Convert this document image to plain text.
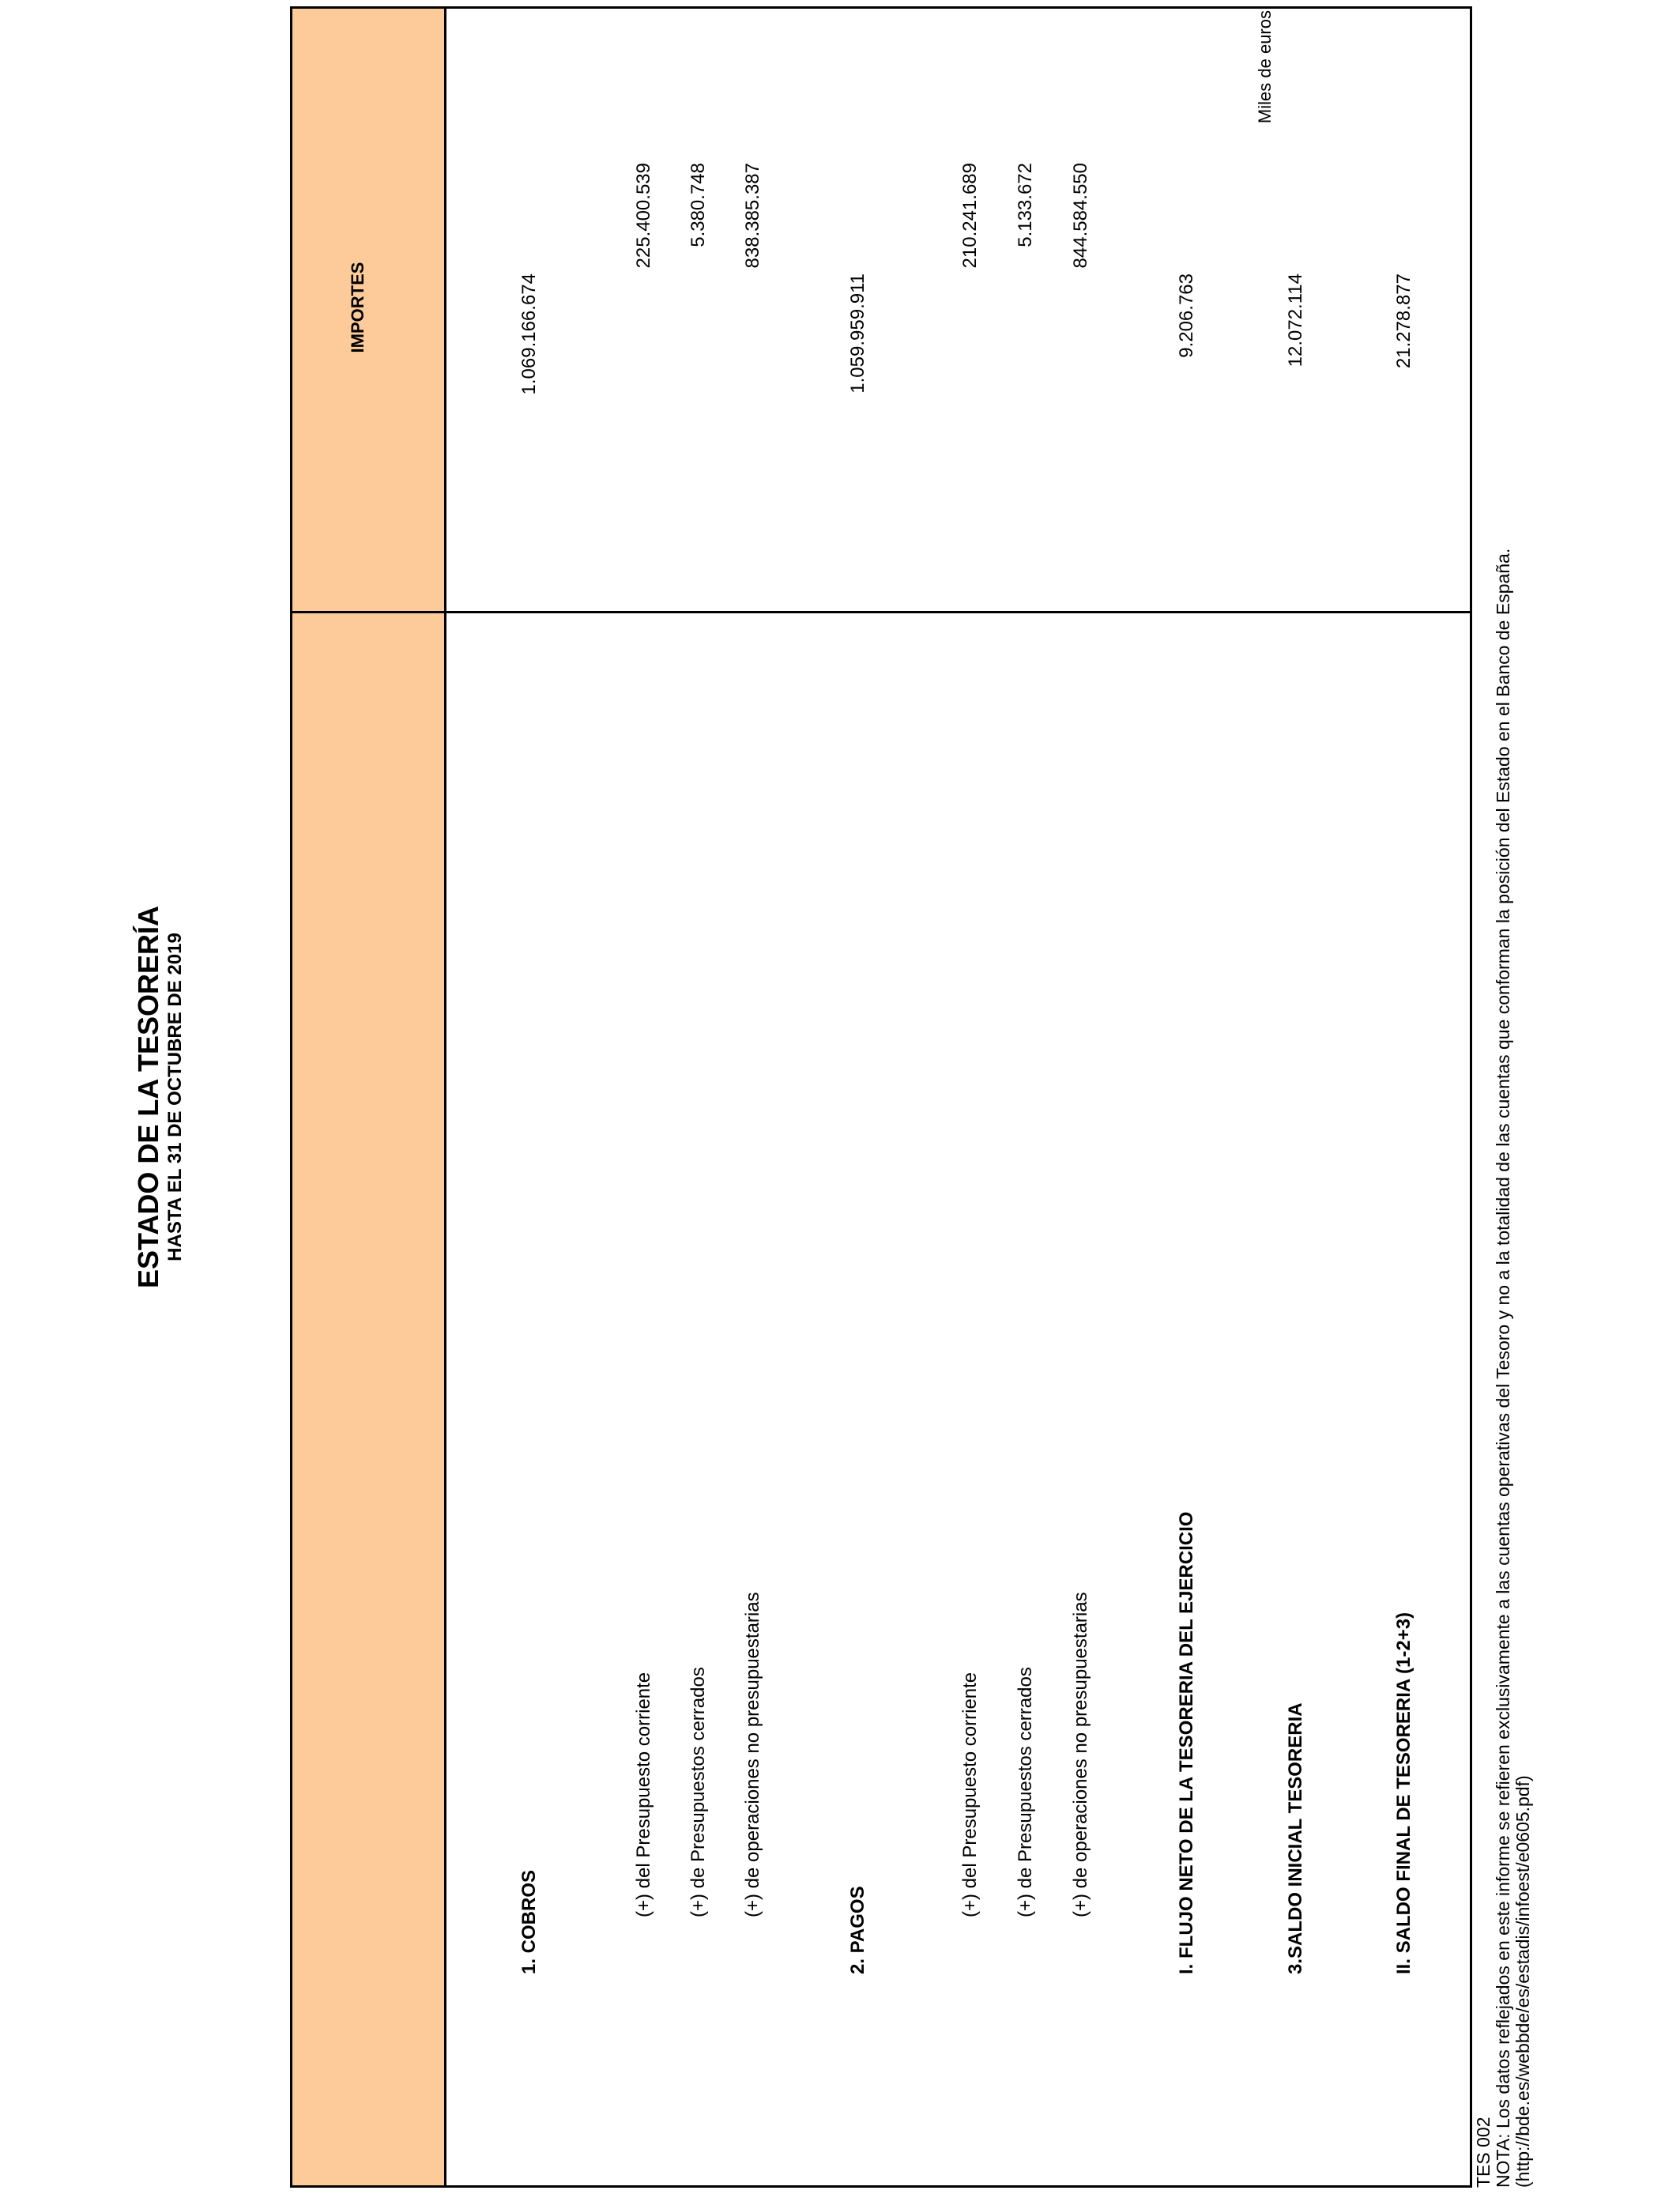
ESTADO DE LA TESORERÍA HASTA EL 31 DE OCTUBRE DE 2019
Miles de euros
IMPORTES
1. COBROS
1.069.166.674
(+) del Presupuesto corriente
225.400.539
(+) de Presupuestos cerrados
5.380.748
(+) de operaciones no presupuestarias
838.385.387
2. PAGOS
1.059.959.911
(+) del Presupuesto corriente
210.241.689
(+) de Presupuestos cerrados
5.133.672
(+) de operaciones no presupuestarias
844.584.550
I. FLUJO NETO DE LA TESORERIA DEL EJERCICIO
9.206.763
3.SALDO INICIAL TESORERIA
12.072.114
II. SALDO FINAL DE TESORERIA (1-2+3)
21.278.877
TES 002 NOTA: Los datos reflejados en este informe se refieren exclusivamente a las cuentas operativas del Tesoro y no a la totalidad de las cuentas que conforman la posición del Estado en el Banco de España. (http://bde.es/webbde/es/estadis/infoest/e0605.pdf)
